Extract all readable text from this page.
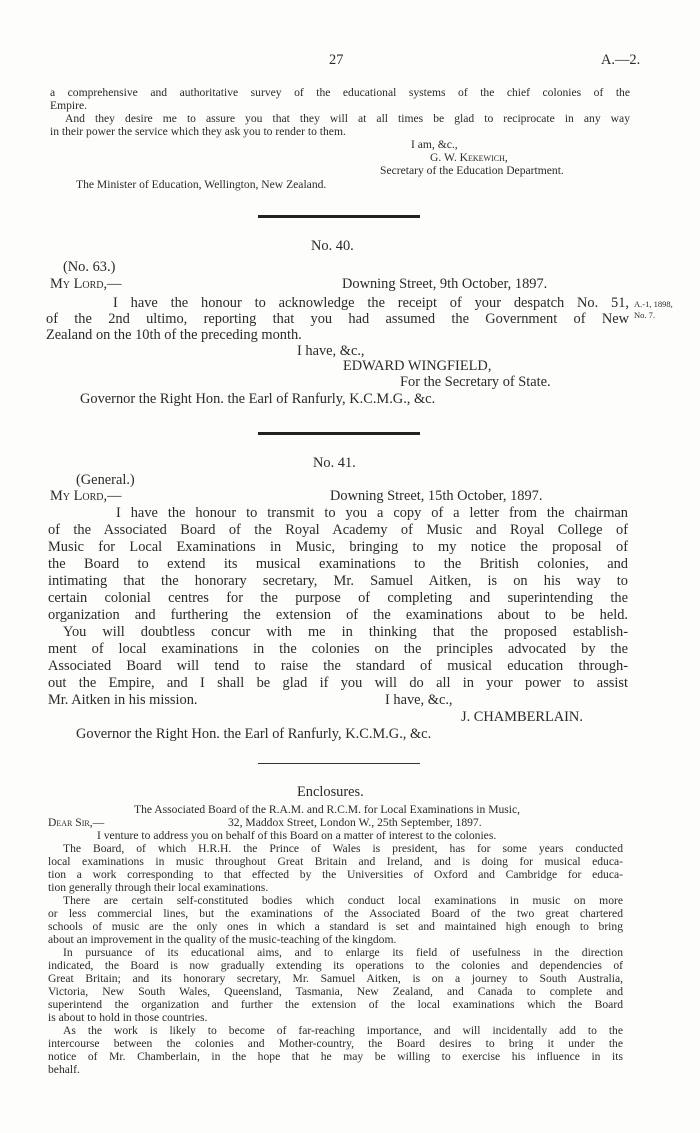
27	A.—2.
a comprehensive and authoritative survey of the educational systems of the chief colonies of the
Empire.
And they desire me to assure you that they will at all times be glad to reciprocate in any way
in their power the service which they ask you to render to them.
I am, &c.,
G. W. Kekewich,
Secretary of the Education Department.
The Minister of Education, Wellington, New Zealand.
No. 40.
(No. 63.)
My Lord,—	Downing Street, 9th October, 1897.
I have the honour to acknowledge the receipt of your despatch No. 51,
of the 2nd ultimo, reporting that you had assumed the Government of New
Zealand on the 10th of the preceding month.
A.-1, 1898,
No. 7.
I have, &c.,
EDWARD WINGFIELD,
For the Secretary of State.
Governor the Right Hon. the Earl of Ranfurly, K.C.M.G., &c.
No. 41.
(General.)
My Lord,—	Downing Street, 15th October, 1897.
I have the honour to transmit to you a copy of a letter from the chairman
of the Associated Board of the Royal Academy of Music and Royal College of
Music for Local Examinations in Music, bringing to my notice the proposal of
the Board to extend its musical examinations to the British colonies, and
intimating that the honorary secretary, Mr. Samuel Aitken, is on his way to
certain colonial centres for the purpose of completing and superintending the
organization and furthering the extension of the examinations about to be held.
You will doubtless concur with me in thinking that the proposed establish-
ment of local examinations in the colonies on the principles advocated by the
Associated Board will tend to raise the standard of musical education through-
out the Empire, and I shall be glad if you will do all in your power to assist
Mr. Aitken in his mission.	I have, &c.,
J. CHAMBERLAIN.
Governor the Right Hon. the Earl of Ranfurly, K.C.M.G., &c.
Enclosures.
The Associated Board of the R.A.M. and R.C.M. for Local Examinations in Music,
Dear Sir,—	32, Maddox Street, London W., 25th September, 1897.
I venture to address you on behalf of this Board on a matter of interest to the colonies.
The Board, of which H.R.H. the Prince of Wales is president, has for some years conducted
local examinations in music throughout Great Britain and Ireland, and is doing for musical educa-
tion a work corresponding to that effected by the Universities of Oxford and Cambridge for educa-
tion generally through their local examinations.
There are certain self-constituted bodies which conduct local examinations in music on more
or less commercial lines, but the examinations of the Associated Board of the two great chartered
schools of music are the only ones in which a standard is set and maintained high enough to bring
about an improvement in the quality of the music-teaching of the kingdom.
In pursuance of its educational aims, and to enlarge its field of usefulness in the direction
indicated, the Board is now gradually extending its operations to the colonies and dependencies of
Great Britain; and its honorary secretary, Mr. Samuel Aitken, is on a journey to South Australia,
Victoria, New South Wales, Queensland, Tasmania, New Zealand, and Canada to complete and
superintend the organization and further the extension of the local examinations which the Board
is about to hold in those countries.
As the work is likely to become of far-reaching importance, and will incidentally add to the
intercourse between the colonies and Mother-country, the Board desires to bring it under the
notice of Mr. Chamberlain, in the hope that he may be willing to exercise his influence in its
behalf.
